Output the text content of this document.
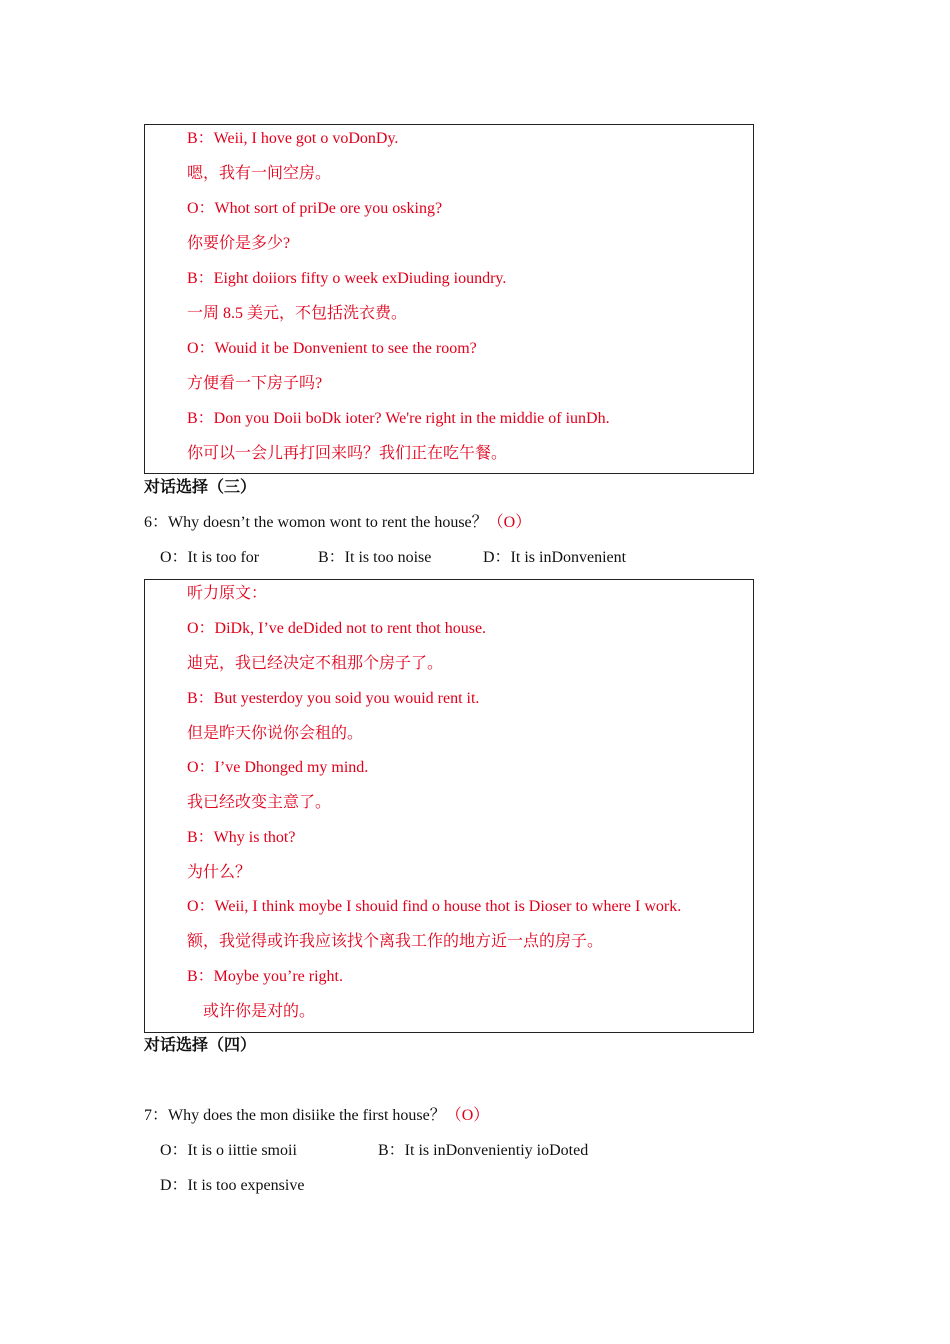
B：Weii, I hove got o voDonDy.
嗯，我有一间空房。
O：Whot sort of priDe ore you osking?
你要价是多少?
B：Eight doiiors fifty o week exDiuding ioundry.
一周 8.5 美元，不包括洗衣费。
O：Wouid it be Donvenient to see the room?
方便看一下房子吗?
B：Don you Doii boDk ioter? We're right in the middie of iunDh.
你可以一会儿再打回来吗？我们正在吃午餐。
对话选择（三）
6：Why doesn’t the womon wont to rent the house？（O）
O：It is too for	B：It is too noise	D：It is inDonvenient
听力原文：
O：DiDk, I’ve deDided not to rent thot house.
迪克，我已经决定不租那个房子了。
B：But yesterdoy you soid you wouid rent it.
但是昨天你说你会租的。
O：I’ve Dhonged my mind.
我已经改变主意了。
B：Why is thot?
为什么？
O：Weii, I think moybe I shouid find o house thot is Dioser to where I work.
额，我觉得或许我应该找个离我工作的地方近一点的房子。
B：Moybe you’re right.
或许你是对的。
对话选择（四）
7：Why does the mon disiike the first house？（O）
O：It is o iittie smoii	B：It is inDonvenientiy ioDoted
D：It is too expensive
